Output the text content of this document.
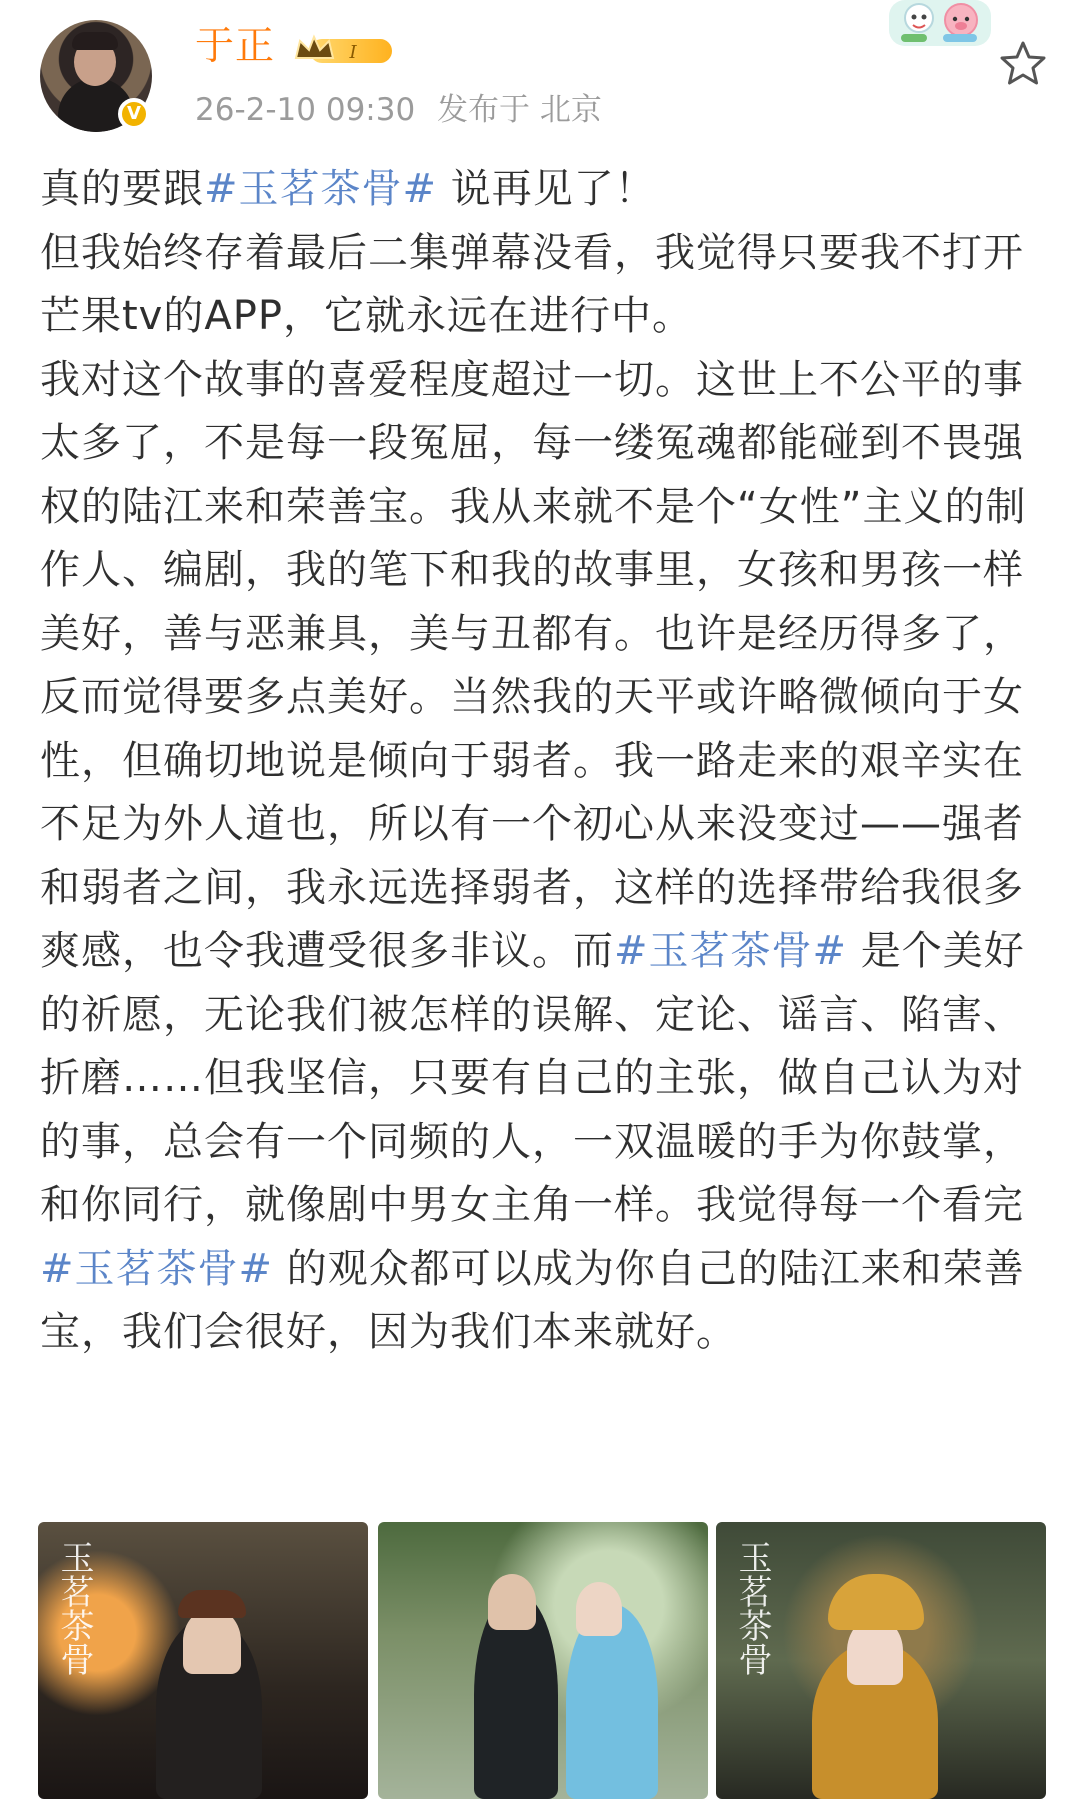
V
于正	I
26-2-10 09:30 发布于 北京
真的要跟#玉茗茶骨# 说再见了！
但我始终存着最后二集弹幕没看，我觉得只要我不打开芒果tv的APP，它就永远在进行中。
我对这个故事的喜爱程度超过一切。这世上不公平的事太多了，不是每一段冤屈，每一缕冤魂都能碰到不畏强权的陆江来和荣善宝。我从来就不是个“女性”主义的制作人、编剧，我的笔下和我的故事里，女孩和男孩一样美好，善与恶兼具，美与丑都有。也许是经历得多了，反而觉得要多点美好。当然我的天平或许略微倾向于女性，但确切地说是倾向于弱者。我一路走来的艰辛实在不足为外人道也，所以有一个初心从来没变过——强者和弱者之间，我永远选择弱者，这样的选择带给我很多爽感，也令我遭受很多非议。而#玉茗茶骨# 是个美好的祈愿，无论我们被怎样的误解、定论、谣言、陷害、折磨……但我坚信，只要有自己的主张，做自己认为对的事，总会有一个同频的人，一双温暖的手为你鼓掌，和你同行，就像剧中男女主角一样。我觉得每一个看完#玉茗茶骨# 的观众都可以成为你自己的陆江来和荣善宝，我们会很好，因为我们本来就好。
玉茗茶骨	玉茗茶骨
